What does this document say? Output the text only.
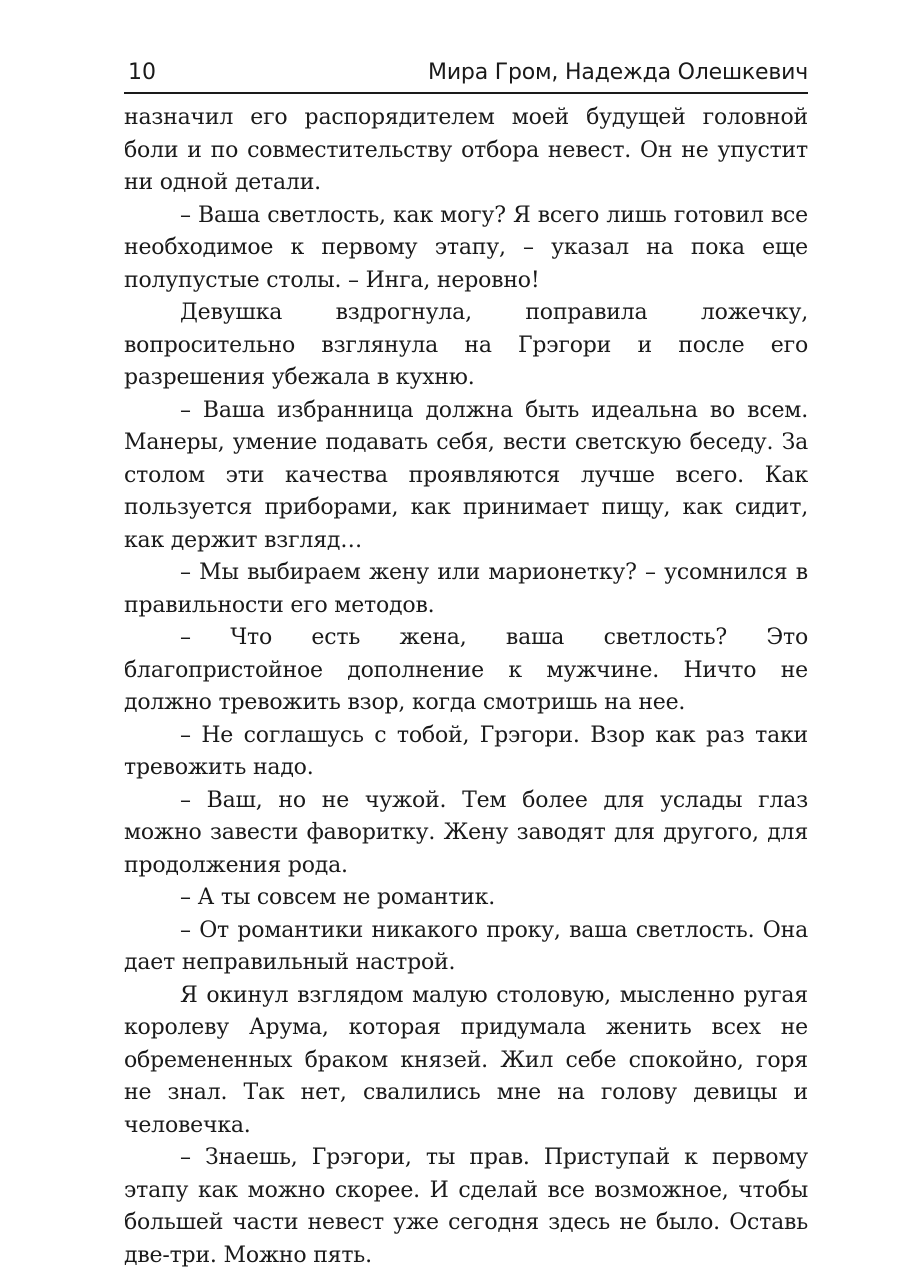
10	Мира Гром, Надежда Олешкевич

назначил его распорядителем моей будущей головной боли и по совместительству отбора невест. Он не упустит ни одной детали.

– Ваша светлость, как могу? Я всего лишь готовил все необходимое к первому этапу, – указал на пока еще полупустые столы. – Инга, неровно!

Девушка вздрогнула, поправила ложечку, вопросительно взглянула на Грэгори и после его разрешения убежала в кухню.

– Ваша избранница должна быть идеальна во всем. Манеры, умение подавать себя, вести светскую беседу. За столом эти качества проявляются лучше всего. Как пользуется приборами, как принимает пищу, как сидит, как держит взгляд…

– Мы выбираем жену или марионетку? – усомнился в правильности его методов.

– Что есть жена, ваша светлость? Это благопристойное дополнение к мужчине. Ничто не должно тревожить взор, когда смотришь на нее.

– Не соглашусь с тобой, Грэгори. Взор как раз таки тревожить надо.

– Ваш, но не чужой. Тем более для услады глаз можно завести фаворитку. Жену заводят для другого, для продолжения рода.

– А ты совсем не романтик.

– От романтики никакого проку, ваша светлость. Она дает неправильный настрой.

Я окинул взглядом малую столовую, мысленно ругая королеву Арума, которая придумала женить всех не обремененных браком князей. Жил себе спокойно, горя не знал. Так нет, свалились мне на голову девицы и человечка.

– Знаешь, Грэгори, ты прав. Приступай к первому этапу как можно скорее. И сделай все возможное, чтобы большей части невест уже сегодня здесь не было. Оставь две-три. Можно пять.
